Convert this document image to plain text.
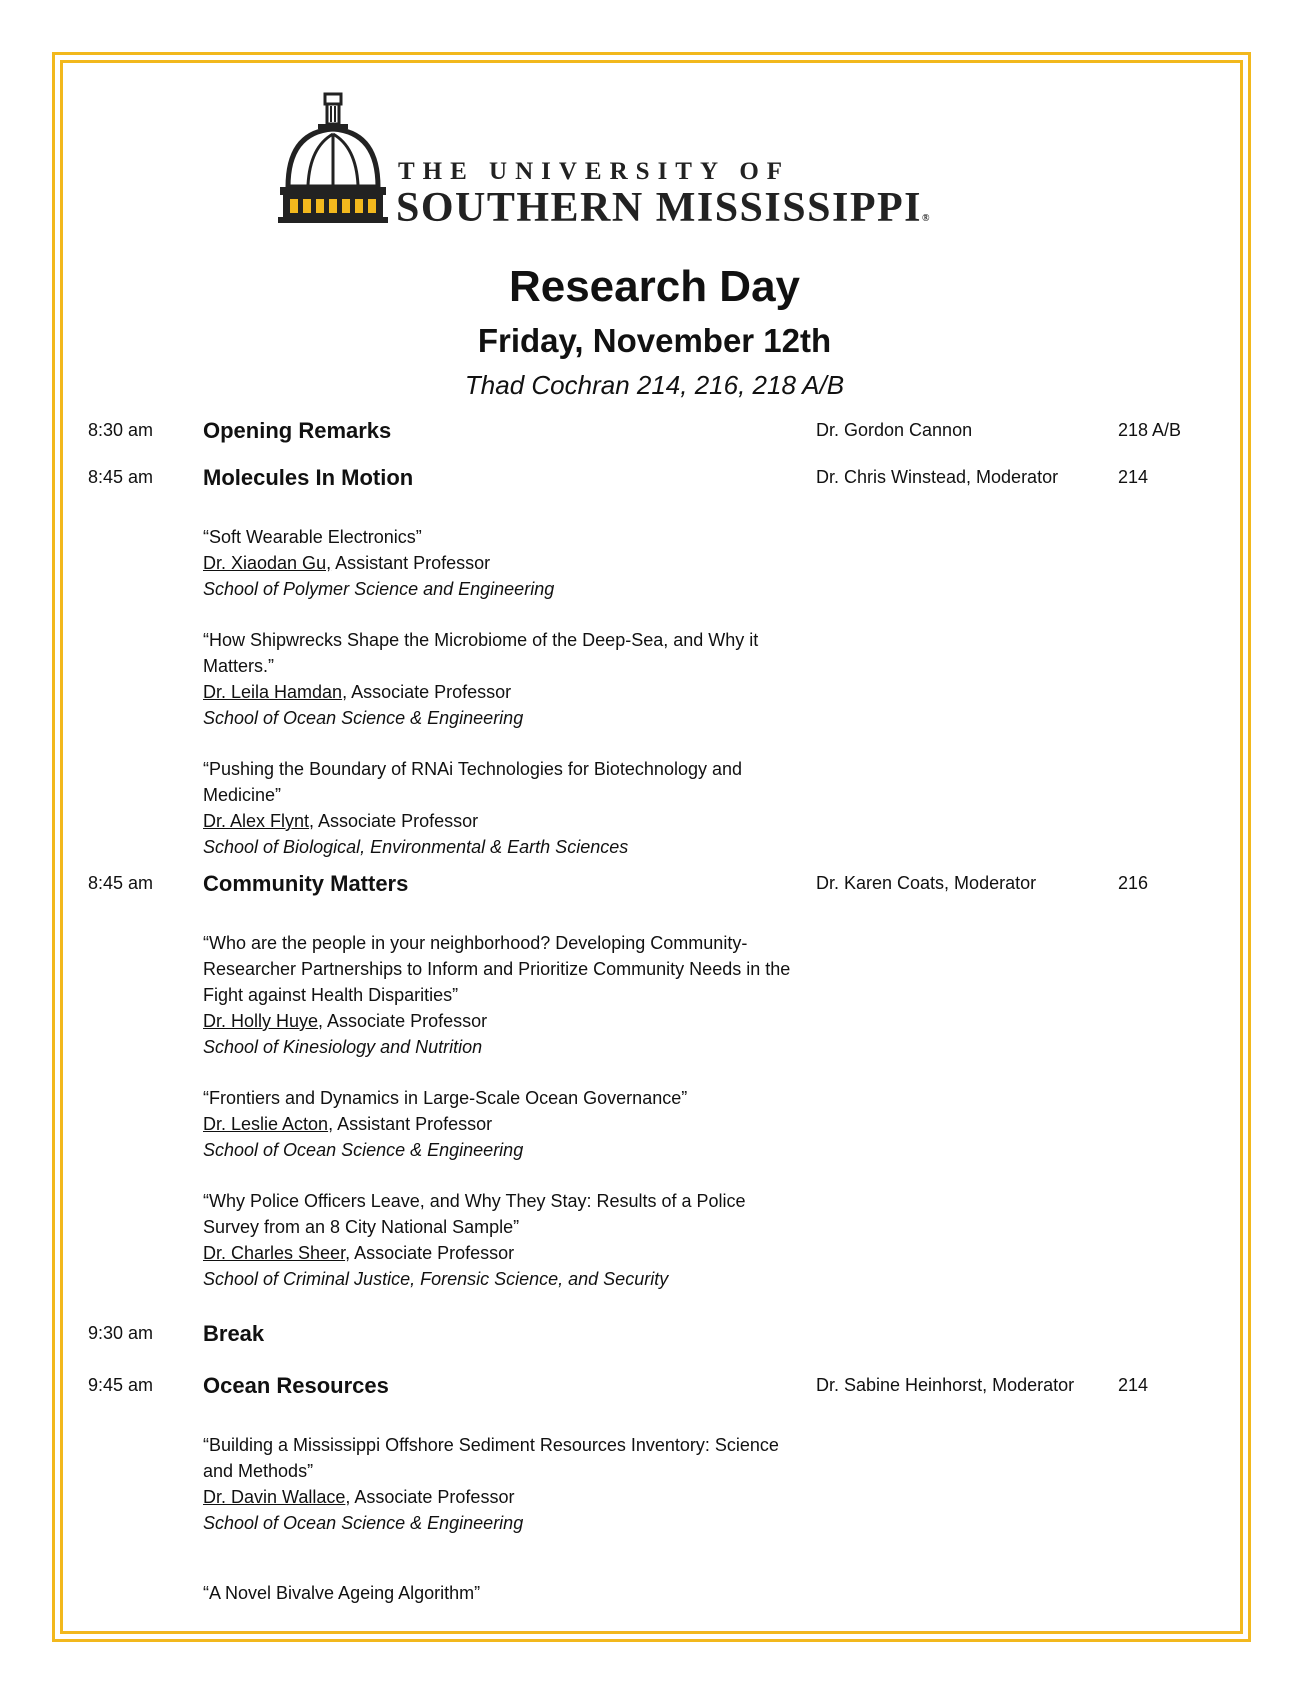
THE UNIVERSITY OF
SOUTHERN MISSISSIPPI®
Research Day
Friday, November 12th
Thad Cochran 214, 216, 218 A/B
8:30 am Opening Remarks	Dr. Gordon Cannon	218 A/B
8:45 am Molecules In Motion	Dr. Chris Winstead, Moderator	214
“Soft Wearable Electronics”
Dr. Xiaodan Gu, Assistant Professor
School of Polymer Science and Engineering
“How Shipwrecks Shape the Microbiome of the Deep-Sea, and Why it Matters.”
Dr. Leila Hamdan, Associate Professor
School of Ocean Science & Engineering
“Pushing the Boundary of RNAi Technologies for Biotechnology and Medicine”
Dr. Alex Flynt, Associate Professor
School of Biological, Environmental & Earth Sciences
8:45 am Community Matters	Dr. Karen Coats, Moderator	216
“Who are the people in your neighborhood? Developing Community-Researcher Partnerships to Inform and Prioritize Community Needs in the Fight against Health Disparities”
Dr. Holly Huye, Associate Professor
School of Kinesiology and Nutrition
“Frontiers and Dynamics in Large-Scale Ocean Governance”
Dr. Leslie Acton, Assistant Professor
School of Ocean Science & Engineering
“Why Police Officers Leave, and Why They Stay: Results of a Police Survey from an 8 City National Sample”
Dr. Charles Sheer, Associate Professor
School of Criminal Justice, Forensic Science, and Security
9:30 am Break
9:45 am Ocean Resources	Dr. Sabine Heinhorst, Moderator 214
“Building a Mississippi Offshore Sediment Resources Inventory: Science and Methods”
Dr. Davin Wallace, Associate Professor
School of Ocean Science & Engineering
“A Novel Bivalve Ageing Algorithm”
